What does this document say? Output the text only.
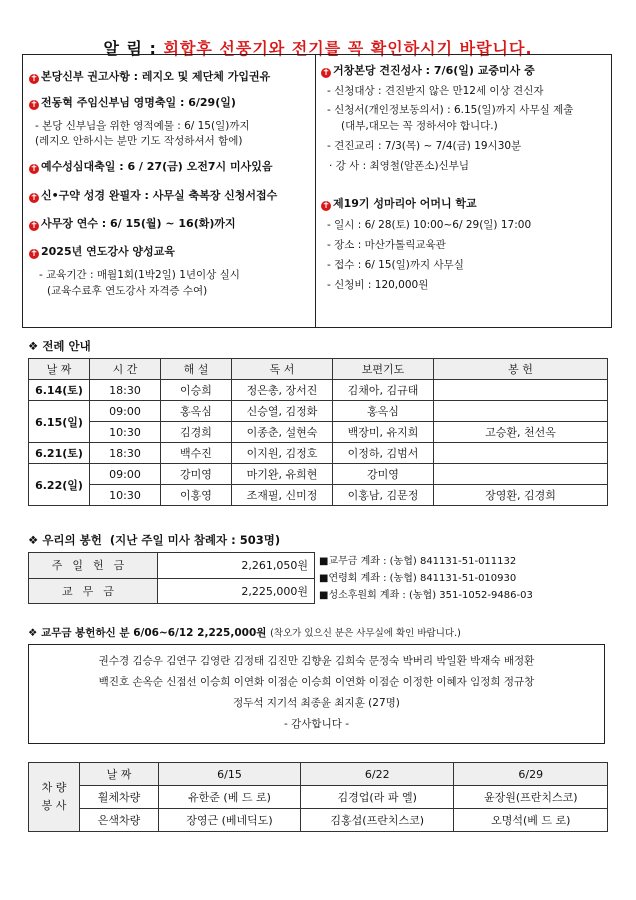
알 림 : 회합후 선풍기와 전기를 꼭 확인하시기 바랍니다.
✝ 본당신부 권고사항 : 레지오 및 제단체 가입권유
✝ 전동혁 주임신부님 영명축일 : 6/29(일)
- 본당 신부님을 위한 영적예물 : 6/ 15(일)까지
(레지오 안하시는 분만 기도 작성하셔서 함에)
✝ 예수성심대축일 : 6 / 27(금) 오전7시 미사있음
✝ 신•구약 성경 완필자 : 사무실 축복장 신청서접수
✝ 사무장 연수 : 6/ 15(월) ~ 16(화)까지
✝ 2025년 연도강사 양성교육
- 교육기간 : 매월1회(1박2일) 1년이상 실시
(교육수료후 연도강사 자격증 수여)
✝ 거창본당 견진성사 : 7/6(일) 교중미사 중
- 신청대상 : 견진받지 않은 만12세 이상 견신자
- 신청서(개인정보동의서) : 6.15(일)까지 사무실 제출
(대부,대모는 꼭 정하셔야 합니다.)
- 견진교리 : 7/3(목) ~ 7/4(금) 19시30분
· 강 사 : 최영철(알폰소)신부님
✝ 제19기 성마리아 어머니 학교
- 일시 : 6/ 28(토) 10:00~6/ 29(일) 17:00
- 장소 : 마산가톨릭교육관
- 접수 : 6/ 15(일)까지 사무실
- 신청비 : 120,000원
❖ 전례 안내
날 짜	시 간	해 설	독 서	보편기도	봉 헌
6.14(토)	18:30	이승희	정은총, 장서진	김채아, 김규태	
6.15(일)	09:00	홍옥심	신승열, 김정화	홍옥심	
	10:30	김경희	이종춘, 설현숙	백장미, 유지희	고승환, 천선옥
6.21(토)	18:30	백수진	이지원, 김정호	이정하, 김범서	
6.22(일)	09:00	강미영	마기완, 유희현	강미영	
	10:30	이홍영	조재필, 신미정	이홍남, 김문정	장영환, 김경희
❖ 우리의 봉헌 (지난 주일 미사 참례자 : 503명)
주일헌금	2,261,050원	■교무금 계좌 : (농협) 841131-51-011132
■연령회 계좌 : (농협) 841131-51-010930
■성소후원회 계좌 : (농협) 351-1052-9486-03

교무금	2,225,000원	
❖ 교무금 봉헌하신 분 6/06~6/12 2,225,000원 (착오가 있으신 분은 사무실에 확인 바랍니다.)
권수경 김승우 김연구 김영란 김정태 김진만 김향윤 김희숙 문정숙 박버리 박일환 박재숙 배정환
백진호 손옥순 신점선 이승희 이연화 이점순 이승희 이연화 이점순 이정한 이혜자 임정희 정규창
정두석 지기석 최종윤 최지훈 (27명)
- 감사합니다 -
차 량
봉 사	날 짜	6/15	6/22	6/29
	휠체차량	유한준 (베 드 로)	김경업(라 파 엘)	윤장원(프란치스코)
	은색차량	장영근 (베네딕도)	김홍섭(프란치스코)	오명석(베 드 로)
